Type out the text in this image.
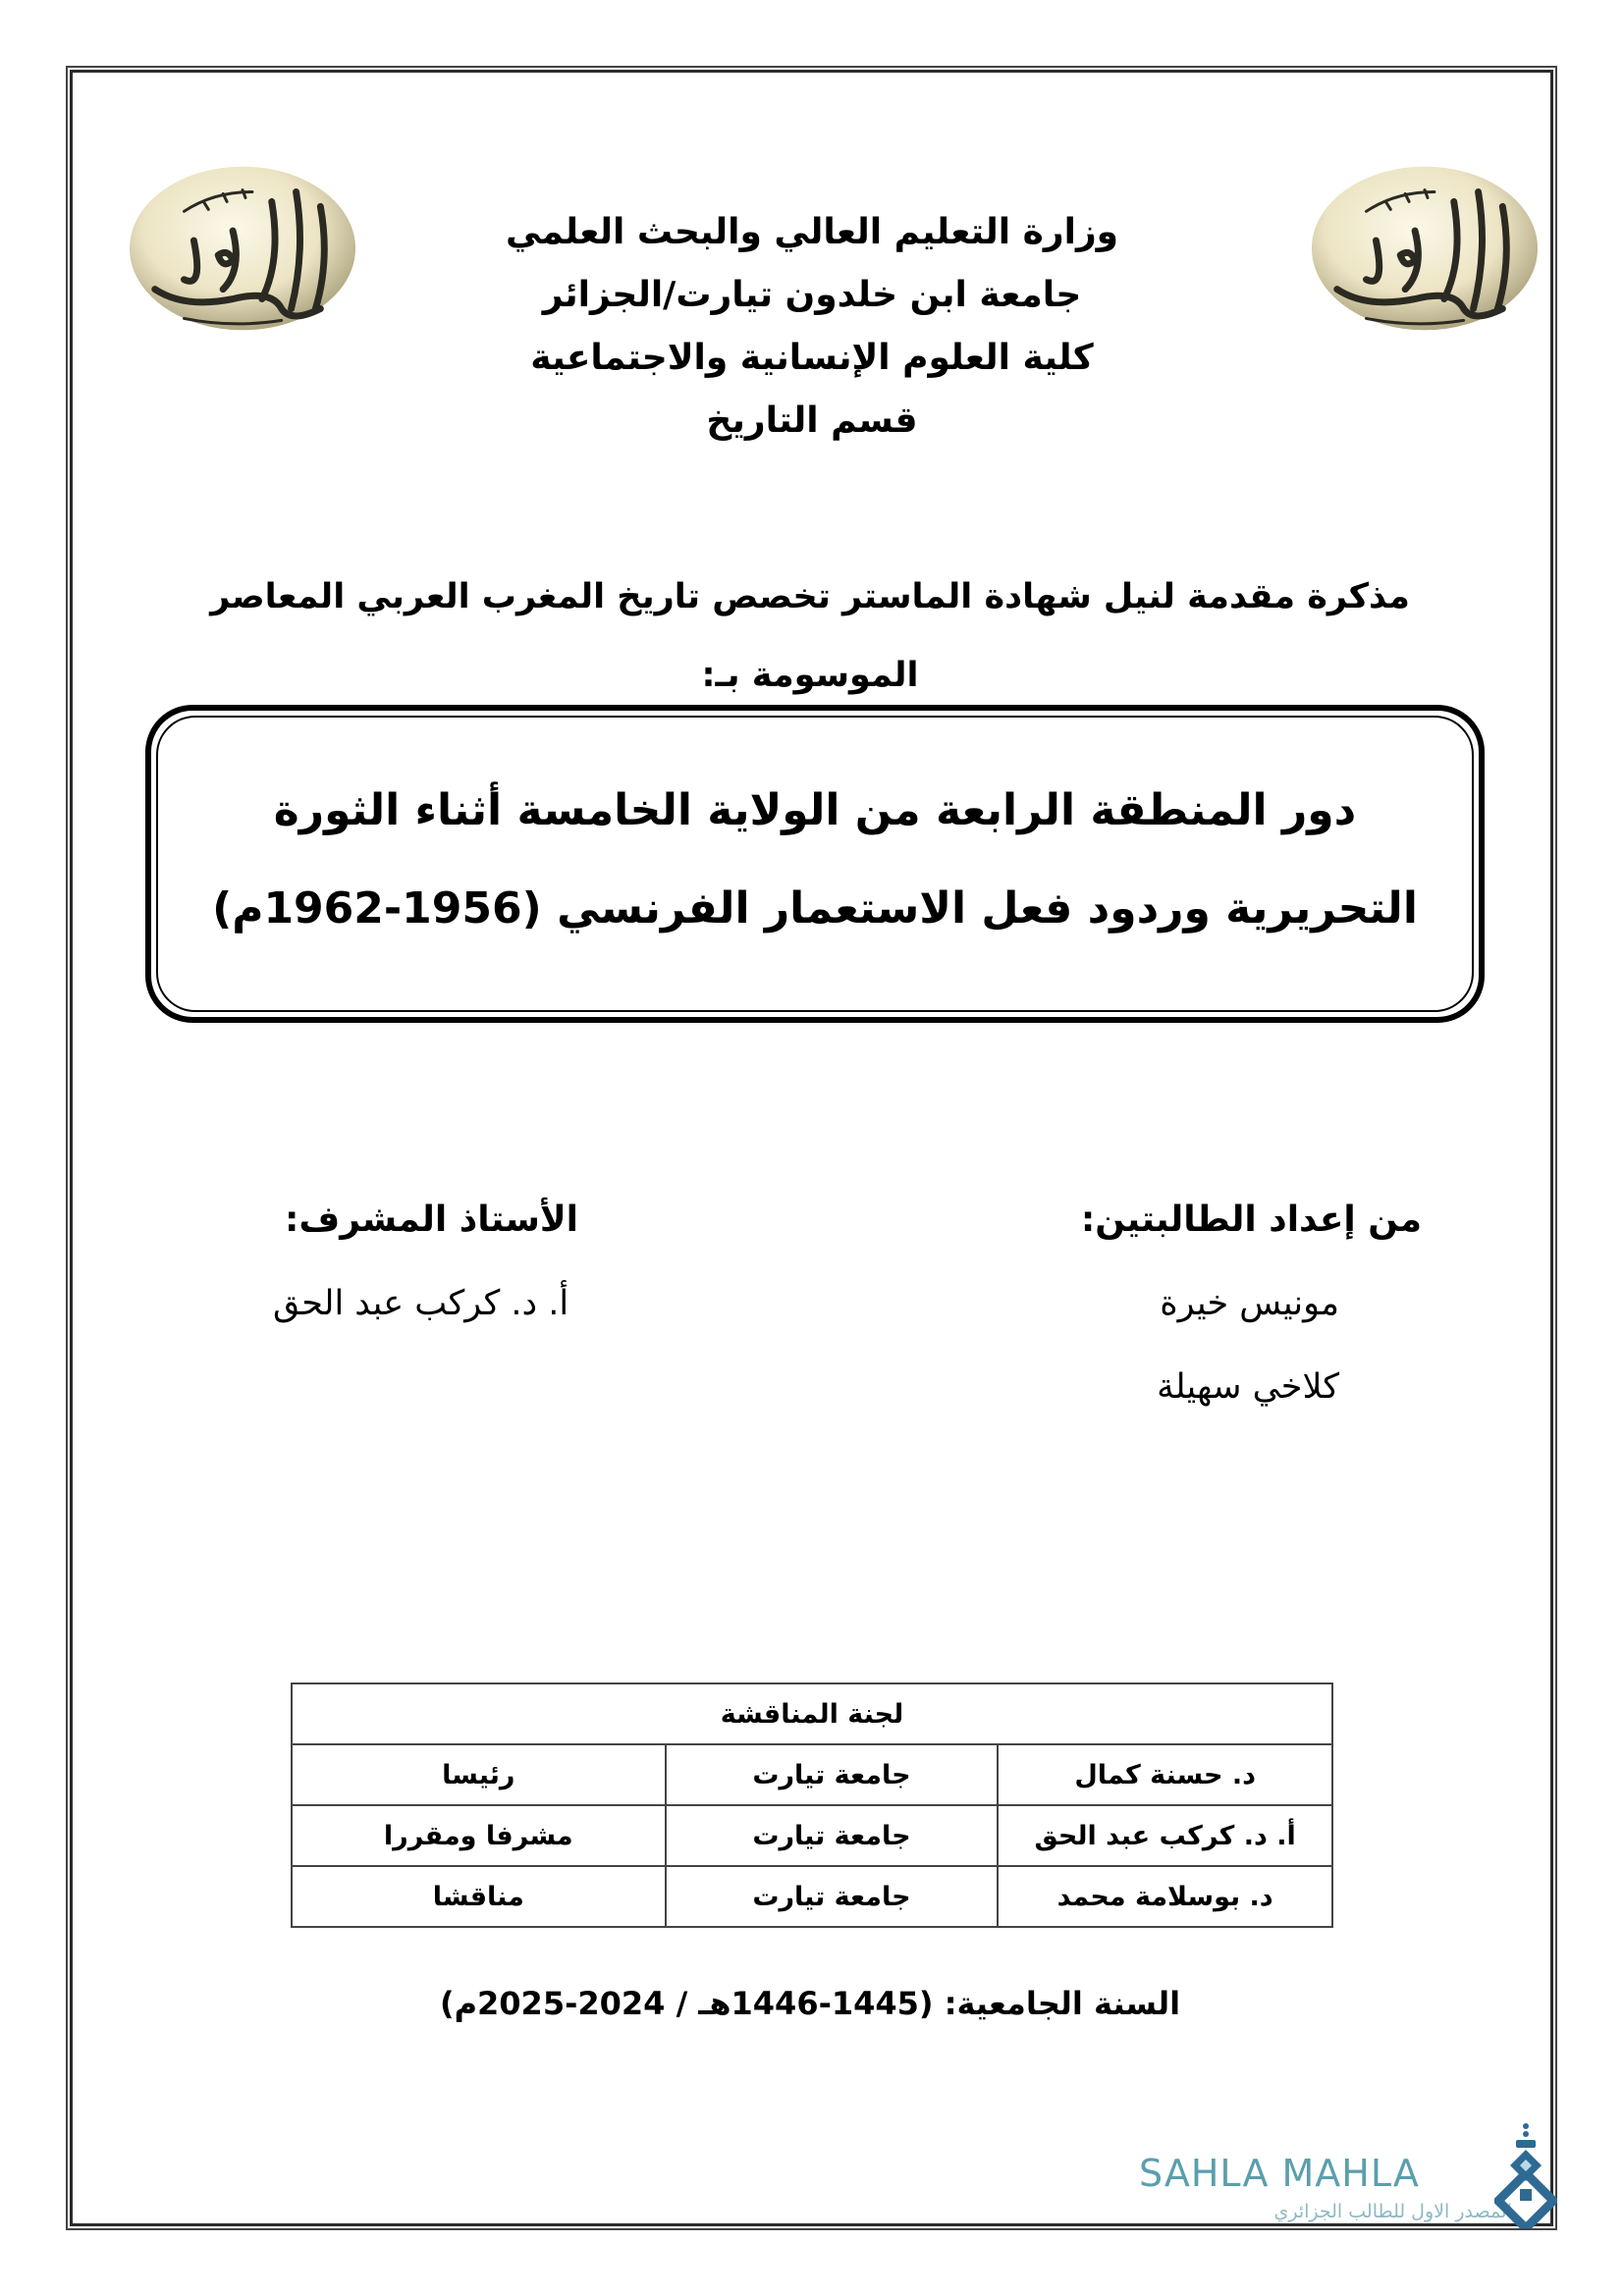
وزارة التعليم العالي والبحث العلمي
جامعة ابن خلدون تيارت/الجزائر
كلية العلوم الإنسانية والاجتماعية
قسم التاريخ
مذكرة مقدمة لنيل شهادة الماستر تخصص تاريخ المغرب العربي المعاصر
الموسومة بـ:
دور المنطقة الرابعة من الولاية الخامسة أثناء الثورة
التحريرية وردود فعل الاستعمار الفرنسي (1956-1962م)
من إعداد الطالبتين:
مونيس خيرة
كلاخي سهيلة
الأستاذ المشرف:
أ. د. كركب عبد الحق
لجنة المناقشة		
د. حسنة كمال	جامعة تيارت	رئيسا
أ. د. كركب عبد الحق	جامعة تيارت	مشرفا ومقررا
د. بوسلامة محمد	جامعة تيارت	مناقشا
السنة الجامعية: (1445-1446هـ / 2024-2025م)
SAHLA MAHLA
المصدر الاول للطالب الجزائري
